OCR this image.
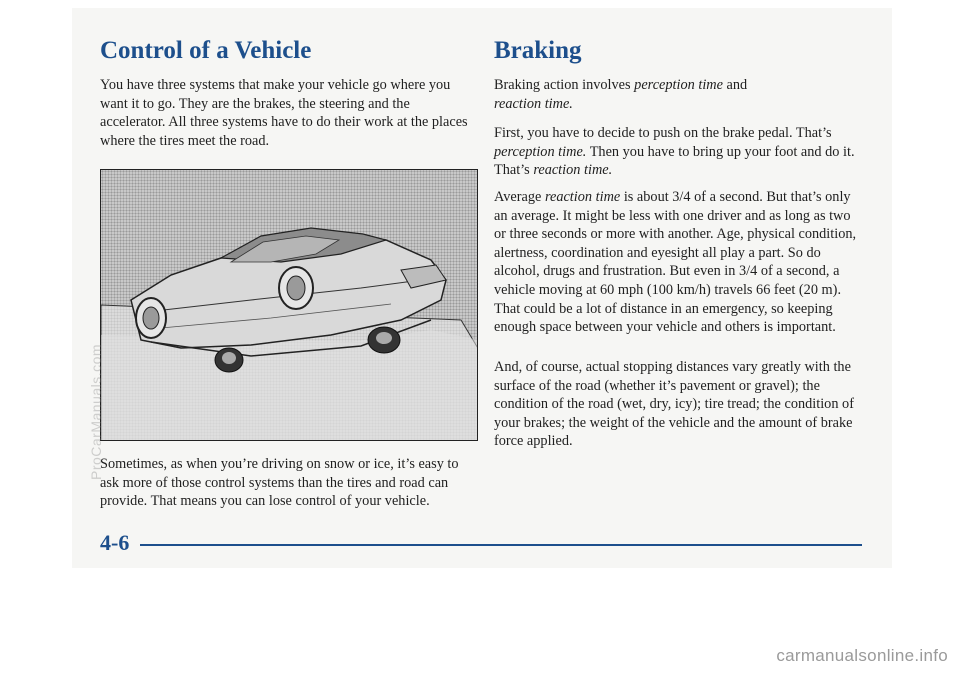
Control of a Vehicle

You have three systems that make your vehicle go where you want it to go. They are the brakes, the steering and the accelerator. All three systems have to do their work at the places where the tires meet the road.

Sometimes, as when you’re driving on snow or ice, it’s easy to ask more of those control systems than the tires and road can provide. That means you can lose control of your vehicle.

Braking

Braking action involves perception time and
reaction time.

First, you have to decide to push on the brake pedal. That’s perception time. Then you have to bring up your foot and do it. That’s reaction time.

Average reaction time is about 3/4 of a second. But that’s only an average. It might be less with one driver and as long as two or three seconds or more with another. Age, physical condition, alertness, coordination and eyesight all play a part. So do alcohol, drugs and frustration. But even in 3/4 of a second, a vehicle moving at 60 mph (100 km/h) travels 66 feet (20 m). That could be a lot of distance in an emergency, so keeping enough space between your vehicle and others is important.

And, of course, actual stopping distances vary greatly with the surface of the road (whether it’s pavement or gravel); the condition of the road (wet, dry, icy); tire tread; the condition of your brakes; the weight of the vehicle and the amount of brake force applied.

4-6
ProCarManuals.com
carmanualsonline.info
